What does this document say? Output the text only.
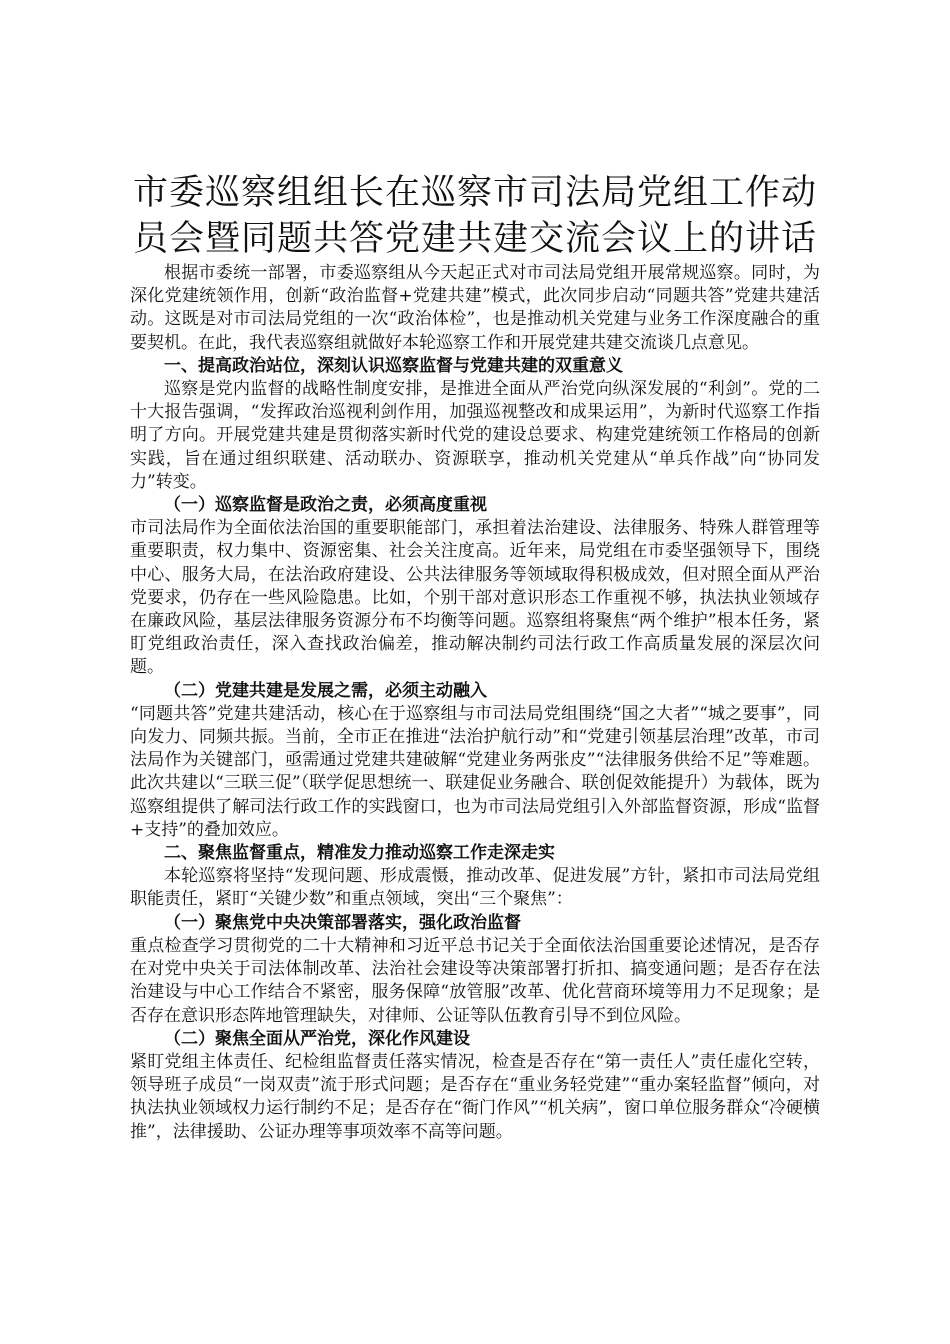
市委巡察组组长在巡察市司法局党组工作动员会暨同题共答党建共建交流会议上的讲话

根据市委统一部署，市委巡察组从今天起正式对市司法局党组开展常规巡察。同时，为深化党建统领作用，创新“政治监督+党建共建”模式，此次同步启动“同题共答”党建共建活动。这既是对市司法局党组的一次“政治体检”，也是推动机关党建与业务工作深度融合的重要契机。在此，我代表巡察组就做好本轮巡察工作和开展党建共建交流谈几点意见。

一、提高政治站位，深刻认识巡察监督与党建共建的双重意义

巡察是党内监督的战略性制度安排，是推进全面从严治党向纵深发展的“利剑”。党的二十大报告强调，“发挥政治巡视利剑作用，加强巡视整改和成果运用”，为新时代巡察工作指明了方向。开展党建共建是贯彻落实新时代党的建设总要求、构建党建统领工作格局的创新实践，旨在通过组织联建、活动联办、资源联享，推动机关党建从“单兵作战”向“协同发力”转变。

（一）巡察监督是政治之责，必须高度重视

市司法局作为全面依法治国的重要职能部门，承担着法治建设、法律服务、特殊人群管理等重要职责，权力集中、资源密集、社会关注度高。近年来，局党组在市委坚强领导下，围绕中心、服务大局，在法治政府建设、公共法律服务等领域取得积极成效，但对照全面从严治党要求，仍存在一些风险隐患。比如，个别干部对意识形态工作重视不够，执法执业领域存在廉政风险，基层法律服务资源分布不均衡等问题。巡察组将聚焦“两个维护”根本任务，紧盯党组政治责任，深入查找政治偏差，推动解决制约司法行政工作高质量发展的深层次问题。

（二）党建共建是发展之需，必须主动融入

“同题共答”党建共建活动，核心在于巡察组与市司法局党组围绕“国之大者”“城之要事”，同向发力、同频共振。当前，全市正在推进“法治护航行动”和“党建引领基层治理”改革，市司法局作为关键部门，亟需通过党建共建破解“党建业务两张皮”“法律服务供给不足”等难题。此次共建以“三联三促”（联学促思想统一、联建促业务融合、联创促效能提升）为载体，既为巡察组提供了解司法行政工作的实践窗口，也为市司法局党组引入外部监督资源，形成“监督+支持”的叠加效应。

二、聚焦监督重点，精准发力推动巡察工作走深走实

本轮巡察将坚持“发现问题、形成震慑，推动改革、促进发展”方针，紧扣市司法局党组职能责任，紧盯“关键少数”和重点领域，突出“三个聚焦”：

（一）聚焦党中央决策部署落实，强化政治监督

重点检查学习贯彻党的二十大精神和习近平总书记关于全面依法治国重要论述情况，是否存在对党中央关于司法体制改革、法治社会建设等决策部署打折扣、搞变通问题；是否存在法治建设与中心工作结合不紧密，服务保障“放管服”改革、优化营商环境等用力不足现象；是否存在意识形态阵地管理缺失，对律师、公证等队伍教育引导不到位风险。

（二）聚焦全面从严治党，深化作风建设

紧盯党组主体责任、纪检组监督责任落实情况，检查是否存在“第一责任人”责任虚化空转，领导班子成员“一岗双责”流于形式问题；是否存在“重业务轻党建”“重办案轻监督”倾向，对执法执业领域权力运行制约不足；是否存在“衙门作风”“机关病”，窗口单位服务群众“冷硬横推”，法律援助、公证办理等事项效率不高等问题。
